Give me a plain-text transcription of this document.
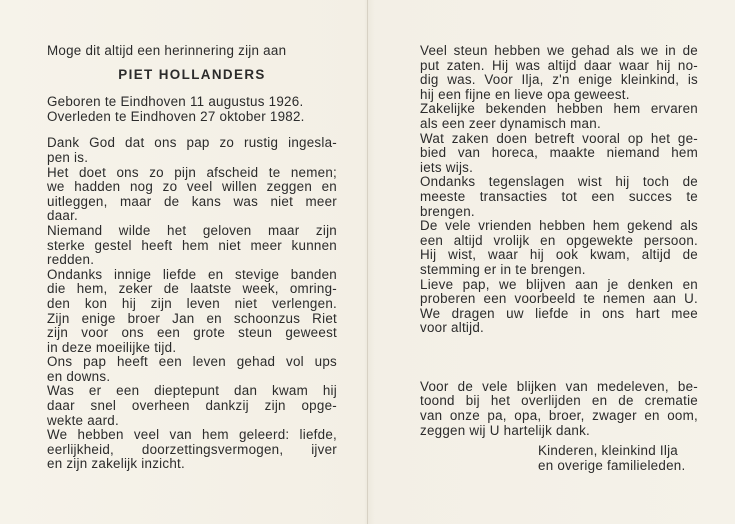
Moge dit altijd een herinnering zijn aan
PIET HOLLANDERS
Geboren te Eindhoven 11 augustus 1926.
Overleden te Eindhoven 27 oktober 1982.
Dank God dat ons pap zo rustig ingesla-
pen is.
Het doet ons zo pijn afscheid te nemen;
we hadden nog zo veel willen zeggen en
uitleggen, maar de kans was niet meer
daar.
Niemand wilde het geloven maar zijn
sterke gestel heeft hem niet meer kunnen
redden.
Ondanks innige liefde en stevige banden
die hem, zeker de laatste week, omring-
den kon hij zijn leven niet verlengen.
Zijn enige broer Jan en schoonzus Riet
zijn voor ons een grote steun geweest
in deze moeilijke tijd.
Ons pap heeft een leven gehad vol ups
en downs.
Was er een dieptepunt dan kwam hij
daar snel overheen dankzij zijn opge-
wekte aard.
We hebben veel van hem geleerd: liefde,
eerlijkheid, doorzettingsvermogen, ijver
en zijn zakelijk inzicht.
Veel steun hebben we gehad als we in de
put zaten. Hij was altijd daar waar hij no-
dig was. Voor Ilja, z'n enige kleinkind, is
hij een fijne en lieve opa geweest.
Zakelijke bekenden hebben hem ervaren
als een zeer dynamisch man.
Wat zaken doen betreft vooral op het ge-
bied van horeca, maakte niemand hem
iets wijs.
Ondanks tegenslagen wist hij toch de
meeste transacties tot een succes te
brengen.
De vele vrienden hebben hem gekend als
een altijd vrolijk en opgewekte persoon.
Hij wist, waar hij ook kwam, altijd de
stemming er in te brengen.
Lieve pap, we blijven aan je denken en
proberen een voorbeeld te nemen aan U.
We dragen uw liefde in ons hart mee
voor altijd.
Voor de vele blijken van medeleven, be-
toond bij het overlijden en de crematie
van onze pa, opa, broer, zwager en oom,
zeggen wij U hartelijk dank.
Kinderen, kleinkind Ilja
en overige familieleden.
